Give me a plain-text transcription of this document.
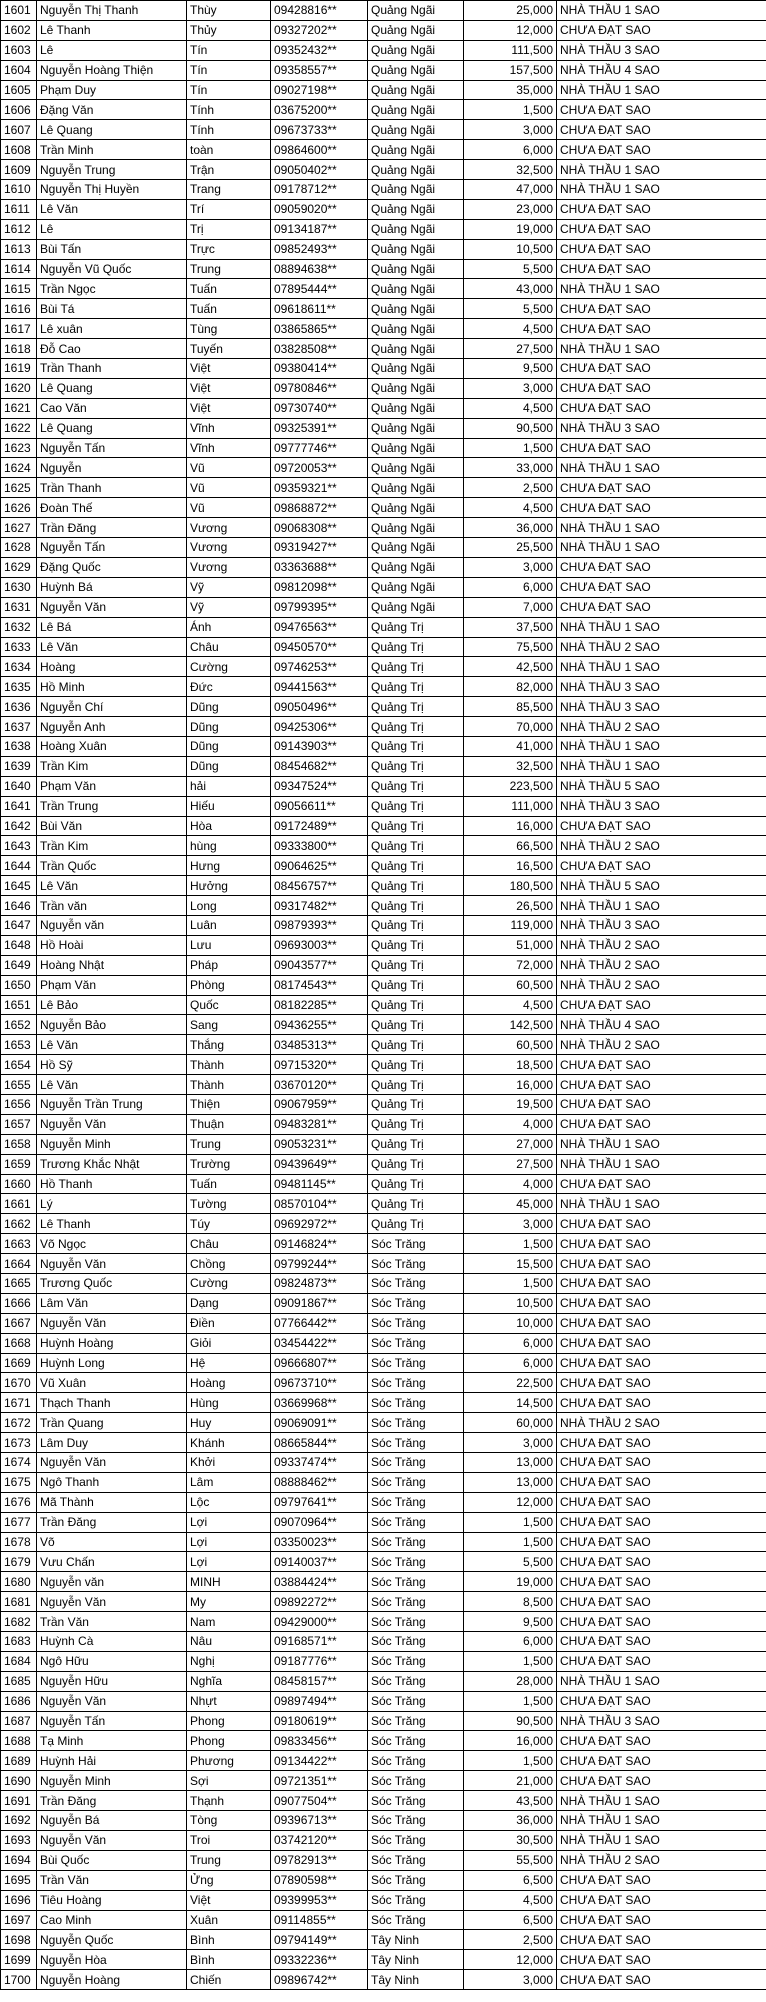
1601	Nguyễn Thị Thanh	Thùy	09428816**	Quảng Ngãi	25,000	NHÀ THẦU 1 SAO
1602	Lê Thanh	Thủy	09327202**	Quảng Ngãi	12,000	CHƯA ĐẠT SAO
1603	Lê	Tín	09352432**	Quảng Ngãi	111,500	NHÀ THẦU 3 SAO
1604	Nguyễn Hoàng Thiện	Tín	09358557**	Quảng Ngãi	157,500	NHÀ THẦU 4 SAO
1605	Phạm Duy	Tín	09027198**	Quảng Ngãi	35,000	NHÀ THẦU 1 SAO
1606	Đặng Văn	Tính	03675200**	Quảng Ngãi	1,500	CHƯA ĐẠT SAO
1607	Lê Quang	Tính	09673733**	Quảng Ngãi	3,000	CHƯA ĐẠT SAO
1608	Trần Minh	toàn	09864600**	Quảng Ngãi	6,000	CHƯA ĐẠT SAO
1609	Nguyễn Trung	Trận	09050402**	Quảng Ngãi	32,500	NHÀ THẦU 1 SAO
1610	Nguyễn Thị Huyền	Trang	09178712**	Quảng Ngãi	47,000	NHÀ THẦU 1 SAO
1611	Lê Văn	Trí	09059020**	Quảng Ngãi	23,000	CHƯA ĐẠT SAO
1612	Lê	Trị	09134187**	Quảng Ngãi	19,000	CHƯA ĐẠT SAO
1613	Bùi Tấn	Trực	09852493**	Quảng Ngãi	10,500	CHƯA ĐẠT SAO
1614	Nguyễn Vũ Quốc	Trung	08894638**	Quảng Ngãi	5,500	CHƯA ĐẠT SAO
1615	Trần Ngọc	Tuấn	07895444**	Quảng Ngãi	43,000	NHÀ THẦU 1 SAO
1616	Bùi Tá	Tuấn	09618611**	Quảng Ngãi	5,500	CHƯA ĐẠT SAO
1617	Lê xuân	Tùng	03865865**	Quảng Ngãi	4,500	CHƯA ĐẠT SAO
1618	Đỗ Cao	Tuyến	03828508**	Quảng Ngãi	27,500	NHÀ THẦU 1 SAO
1619	Trần Thanh	Việt	09380414**	Quảng Ngãi	9,500	CHƯA ĐẠT SAO
1620	Lê Quang	Việt	09780846**	Quảng Ngãi	3,000	CHƯA ĐẠT SAO
1621	Cao Văn	Việt	09730740**	Quảng Ngãi	4,500	CHƯA ĐẠT SAO
1622	Lê Quang	Vĩnh	09325391**	Quảng Ngãi	90,500	NHÀ THẦU 3 SAO
1623	Nguyễn Tấn	Vĩnh	09777746**	Quảng Ngãi	1,500	CHƯA ĐẠT SAO
1624	Nguyễn	Vũ	09720053**	Quảng Ngãi	33,000	NHÀ THẦU 1 SAO
1625	Trần Thanh	Vũ	09359321**	Quảng Ngãi	2,500	CHƯA ĐẠT SAO
1626	Đoàn Thế	Vũ	09868872**	Quảng Ngãi	4,500	CHƯA ĐẠT SAO
1627	Trần Đăng	Vương	09068308**	Quảng Ngãi	36,000	NHÀ THẦU 1 SAO
1628	Nguyễn Tấn	Vương	09319427**	Quảng Ngãi	25,500	NHÀ THẦU 1 SAO
1629	Đặng Quốc	Vương	03363688**	Quảng Ngãi	3,000	CHƯA ĐẠT SAO
1630	Huỳnh Bá	Vỹ	09812098**	Quảng Ngãi	6,000	CHƯA ĐẠT SAO
1631	Nguyễn Văn	Vỹ	09799395**	Quảng Ngãi	7,000	CHƯA ĐẠT SAO
1632	Lê Bá	Ánh	09476563**	Quảng Trị	37,500	NHÀ THẦU 1 SAO
1633	Lê Văn	Châu	09450570**	Quảng Trị	75,500	NHÀ THẦU 2 SAO
1634	Hoàng	Cường	09746253**	Quảng Trị	42,500	NHÀ THẦU 1 SAO
1635	Hồ Minh	Đức	09441563**	Quảng Trị	82,000	NHÀ THẦU 3 SAO
1636	Nguyễn Chí	Dũng	09050496**	Quảng Trị	85,500	NHÀ THẦU 3 SAO
1637	Nguyễn Anh	Dũng	09425306**	Quảng Trị	70,000	NHÀ THẦU 2 SAO
1638	Hoàng Xuân	Dũng	09143903**	Quảng Trị	41,000	NHÀ THẦU 1 SAO
1639	Trần Kim	Dũng	08454682**	Quảng Trị	32,500	NHÀ THẦU 1 SAO
1640	Phạm Văn	hải	09347524**	Quảng Trị	223,500	NHÀ THẦU 5 SAO
1641	Trần Trung	Hiếu	09056611**	Quảng Trị	111,000	NHÀ THẦU 3 SAO
1642	Bùi Văn	Hòa	09172489**	Quảng Trị	16,000	CHƯA ĐẠT SAO
1643	Trần Kim	hùng	09333800**	Quảng Trị	66,500	NHÀ THẦU 2 SAO
1644	Trần Quốc	Hưng	09064625**	Quảng Trị	16,500	CHƯA ĐẠT SAO
1645	Lê Văn	Hưởng	08456757**	Quảng Trị	180,500	NHÀ THẦU 5 SAO
1646	Trần văn	Long	09317482**	Quảng Trị	26,500	NHÀ THẦU 1 SAO
1647	Nguyễn văn	Luân	09879393**	Quảng Trị	119,000	NHÀ THẦU 3 SAO
1648	Hồ Hoài	Lưu	09693003**	Quảng Trị	51,000	NHÀ THẦU 2 SAO
1649	Hoàng Nhật	Pháp	09043577**	Quảng Trị	72,000	NHÀ THẦU 2 SAO
1650	Phạm Văn	Phòng	08174543**	Quảng Trị	60,500	NHÀ THẦU 2 SAO
1651	Lê Bảo	Quốc	08182285**	Quảng Trị	4,500	CHƯA ĐẠT SAO
1652	Nguyễn Bảo	Sang	09436255**	Quảng Trị	142,500	NHÀ THẦU 4 SAO
1653	Lê Văn	Thắng	03485313**	Quảng Trị	60,500	NHÀ THẦU 2 SAO
1654	Hồ Sỹ	Thành	09715320**	Quảng Trị	18,500	CHƯA ĐẠT SAO
1655	Lê Văn	Thành	03670120**	Quảng Trị	16,000	CHƯA ĐẠT SAO
1656	Nguyễn Trần Trung	Thiện	09067959**	Quảng Trị	19,500	CHƯA ĐẠT SAO
1657	Nguyễn Văn	Thuận	09483281**	Quảng Trị	4,000	CHƯA ĐẠT SAO
1658	Nguyễn Minh	Trung	09053231**	Quảng Trị	27,000	NHÀ THẦU 1 SAO
1659	Trương Khắc Nhật	Trường	09439649**	Quảng Trị	27,500	NHÀ THẦU 1 SAO
1660	Hồ Thanh	Tuấn	09481145**	Quảng Trị	4,000	CHƯA ĐẠT SAO
1661	Lý	Tường	08570104**	Quảng Trị	45,000	NHÀ THẦU 1 SAO
1662	Lê Thanh	Túy	09692972**	Quảng Trị	3,000	CHƯA ĐẠT SAO
1663	Võ Ngọc	Châu	09146824**	Sóc Trăng	1,500	CHƯA ĐẠT SAO
1664	Nguyễn Văn	Chồng	09799244**	Sóc Trăng	15,500	CHƯA ĐẠT SAO
1665	Trương Quốc	Cường	09824873**	Sóc Trăng	1,500	CHƯA ĐẠT SAO
1666	Lâm Văn	Dạng	09091867**	Sóc Trăng	10,500	CHƯA ĐẠT SAO
1667	Nguyễn Văn	Điền	07766442**	Sóc Trăng	10,000	CHƯA ĐẠT SAO
1668	Huỳnh Hoàng	Giỏi	03454422**	Sóc Trăng	6,000	CHƯA ĐẠT SAO
1669	Huỳnh Long	Hệ	09666807**	Sóc Trăng	6,000	CHƯA ĐẠT SAO
1670	Vũ Xuân	Hoàng	09673710**	Sóc Trăng	22,500	CHƯA ĐẠT SAO
1671	Thạch Thanh	Hùng	03669968**	Sóc Trăng	14,500	CHƯA ĐẠT SAO
1672	Trần Quang	Huy	09069091**	Sóc Trăng	60,000	NHÀ THẦU 2 SAO
1673	Lâm Duy	Khánh	08665844**	Sóc Trăng	3,000	CHƯA ĐẠT SAO
1674	Nguyễn Văn	Khởi	09337474**	Sóc Trăng	13,000	CHƯA ĐẠT SAO
1675	Ngô Thanh	Lâm	08888462**	Sóc Trăng	13,000	CHƯA ĐẠT SAO
1676	Mã Thành	Lộc	09797641**	Sóc Trăng	12,000	CHƯA ĐẠT SAO
1677	Trần Đăng	Lợi	09070964**	Sóc Trăng	1,500	CHƯA ĐẠT SAO
1678	Võ	Lợi	03350023**	Sóc Trăng	1,500	CHƯA ĐẠT SAO
1679	Vưu Chấn	Lợi	09140037**	Sóc Trăng	5,500	CHƯA ĐẠT SAO
1680	Nguyễn văn	MINH	03884424**	Sóc Trăng	19,000	CHƯA ĐẠT SAO
1681	Nguyễn Văn	My	09892272**	Sóc Trăng	8,500	CHƯA ĐẠT SAO
1682	Trần Văn	Nam	09429000**	Sóc Trăng	9,500	CHƯA ĐẠT SAO
1683	Huỳnh Cà	Nâu	09168571**	Sóc Trăng	6,000	CHƯA ĐẠT SAO
1684	Ngô Hữu	Nghị	09187776**	Sóc Trăng	1,500	CHƯA ĐẠT SAO
1685	Nguyễn Hữu	Nghĩa	08458157**	Sóc Trăng	28,000	NHÀ THẦU 1 SAO
1686	Nguyễn Văn	Nhựt	09897494**	Sóc Trăng	1,500	CHƯA ĐẠT SAO
1687	Nguyễn Tấn	Phong	09180619**	Sóc Trăng	90,500	NHÀ THẦU 3 SAO
1688	Tạ Minh	Phong	09833456**	Sóc Trăng	16,000	CHƯA ĐẠT SAO
1689	Huỳnh Hải	Phương	09134422**	Sóc Trăng	1,500	CHƯA ĐẠT SAO
1690	Nguyễn Minh	Sợi	09721351**	Sóc Trăng	21,000	CHƯA ĐẠT SAO
1691	Trần Đăng	Thạnh	09077504**	Sóc Trăng	43,500	NHÀ THẦU 1 SAO
1692	Nguyễn Bá	Tòng	09396713**	Sóc Trăng	36,000	NHÀ THẦU 1 SAO
1693	Nguyễn Văn	Troi	03742120**	Sóc Trăng	30,500	NHÀ THẦU 1 SAO
1694	Bùi Quốc	Trung	09782913**	Sóc Trăng	55,500	NHÀ THẦU 2 SAO
1695	Trần Văn	Ửng	07890598**	Sóc Trăng	6,500	CHƯA ĐẠT SAO
1696	Tiêu Hoàng	Việt	09399953**	Sóc Trăng	4,500	CHƯA ĐẠT SAO
1697	Cao Minh	Xuân	09114855**	Sóc Trăng	6,500	CHƯA ĐẠT SAO
1698	Nguyễn Quốc	Bình	09794149**	Tây Ninh	2,500	CHƯA ĐẠT SAO
1699	Nguyễn Hòa	Bình	09332236**	Tây Ninh	12,000	CHƯA ĐẠT SAO
1700	Nguyễn Hoàng	Chiến	09896742**	Tây Ninh	3,000	CHƯA ĐẠT SAO
